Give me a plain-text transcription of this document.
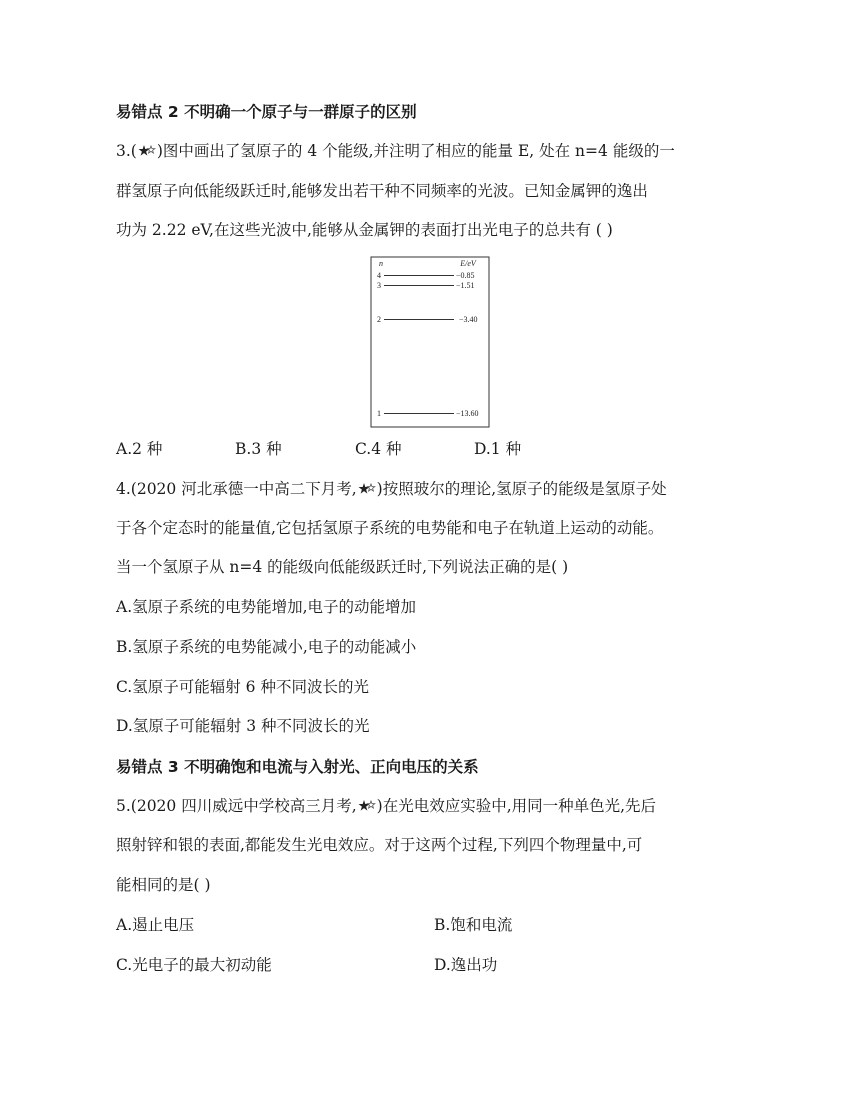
易错点 2 不明确一个原子与一群原子的区别
3.( )图中画出了氢原子的 4 个能级,并注明了相应的能量 E, 处在 n=4 能级的一
群氢原子向低能级跃迁时,能够发出若干种不同频率的光波。已知金属钾的逸出
功为 2.22 eV,在这些光波中,能够从金属钾的表面打出光电子的总共有 ( )
n	E/eV
4	−0.85
3	−1.51
2	−3.40
1	−13.60
A.2 种	B.3 种	C.4 种	D.1 种
4.(2020 河北承德一中高二下月考, )按照玻尔的理论,氢原子的能级是氢原子处
于各个定态时的能量值,它包括氢原子系统的电势能和电子在轨道上运动的动能。
当一个氢原子从 n=4 的能级向低能级跃迁时,下列说法正确的是( )
A.氢原子系统的电势能增加,电子的动能增加
B.氢原子系统的电势能减小,电子的动能减小
C.氢原子可能辐射 6 种不同波长的光
D.氢原子可能辐射 3 种不同波长的光
易错点 3 不明确饱和电流与入射光、正向电压的关系
5.(2020 四川威远中学校高三月考, )在光电效应实验中,用同一种单色光,先后
照射锌和银的表面,都能发生光电效应。对于这两个过程,下列四个物理量中,可
能相同的是( )
A.遏止电压	B.饱和电流
C.光电子的最大初动能	D.逸出功
